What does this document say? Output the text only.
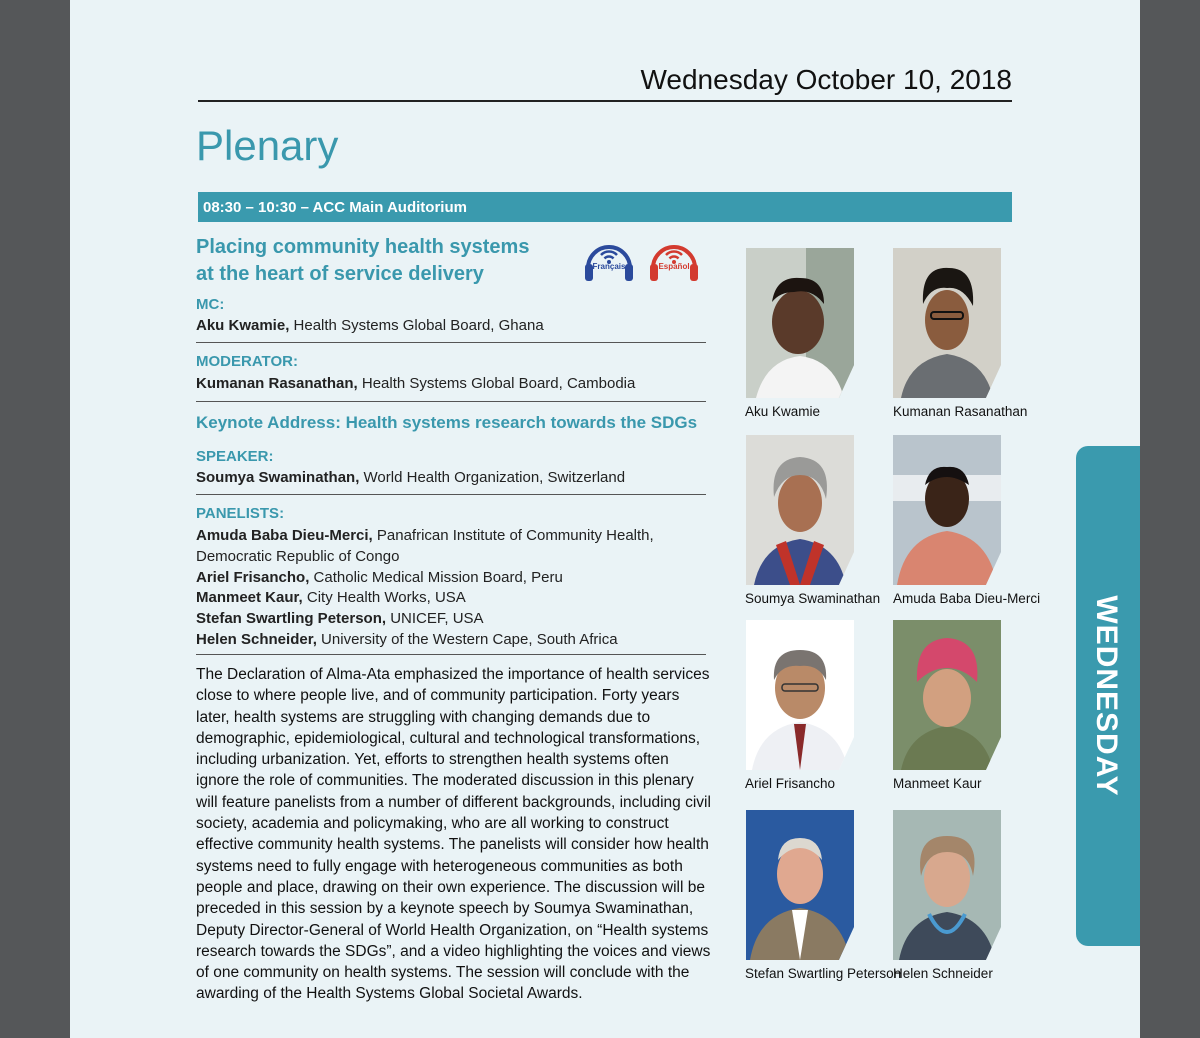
Wednesday October 10, 2018
Plenary
08:30 – 10:30 – ACC Main Auditorium
Placing community health systems
at the heart of service delivery	Français	Español
MC:
Aku Kwamie, Health Systems Global Board, Ghana
MODERATOR:
Kumanan Rasanathan, Health Systems Global Board, Cambodia
Keynote Address: Health systems research towards the SDGs
SPEAKER:
Soumya Swaminathan, World Health Organization, Switzerland
PANELISTS:
Amuda Baba Dieu-Merci, Panafrican Institute of Community Health,
Democratic Republic of Congo
Ariel Frisancho, Catholic Medical Mission Board, Peru
Manmeet Kaur, City Health Works, USA
Stefan Swartling Peterson, UNICEF, USA
Helen Schneider, University of the Western Cape, South Africa
The Declaration of Alma-Ata emphasized the importance of health services close to where people live, and of community participation. Forty years later, health systems are struggling with changing demands due to demographic, epidemiological, cultural and technological transformations, including urbanization. Yet, efforts to strengthen health systems often ignore the role of communities. The moderated discussion in this plenary will feature panelists from a number of different backgrounds, including civil society, academia and policymaking, who are all working to construct effective community health systems. The panelists will consider how health systems need to fully engage with heterogeneous communities as both people and place, drawing on their own experience. The discussion will be preceded in this session by a keynote speech by Soumya Swaminathan, Deputy Director-General of World Health Organization, on “Health systems research towards the SDGs”, and a video highlighting the voices and views of one community on health systems. The session will conclude with the awarding of the Health Systems Global Societal Awards.
Aku Kwamie	Kumanan Rasanathan
Soumya Swaminathan Amuda Baba Dieu-Merci
Ariel Frisancho	Manmeet Kaur
Stefan Swartling Peterson
Helen Schneider
WEDNESDAY
